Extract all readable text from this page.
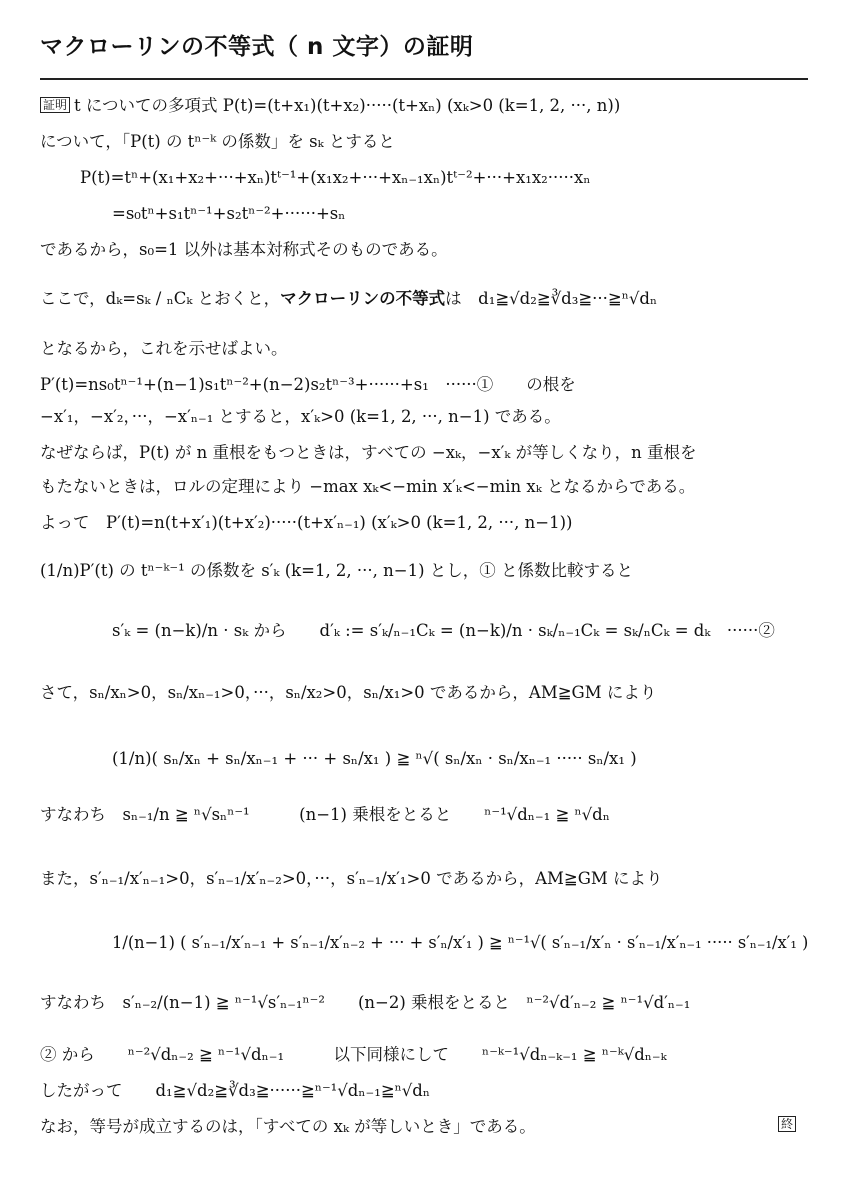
マクローリンの不等式（ n 文字）の証明
証明 t についての多項式 P(t)=(t+x₁)(t+x₂)·····(t+xₙ) (xₖ>0 (k=1, 2, ···, n))
について，「P(t) の tⁿ⁻ᵏ の係数」を sₖ とすると
P(t)=tⁿ+(x₁+x₂+···+xₙ)tᵗ⁻¹+(x₁x₂+···+xₙ₋₁xₙ)tᵗ⁻²+···+x₁x₂·····xₙ
=s₀tⁿ+s₁tⁿ⁻¹+s₂tⁿ⁻²+······+sₙ
であるから，s₀=1 以外は基本対称式そのものである。
ここで，dₖ=sₖ / ₙCₖ とおくと，マクローリンの不等式は　d₁≧√d₂≧∛d₃≧···≧ⁿ√dₙ
となるから，これを示せばよい。
P′(t)=ns₀tⁿ⁻¹+(n−1)s₁tⁿ⁻²+(n−2)s₂tⁿ⁻³+······+s₁　······①　　の根を
−x′₁，−x′₂，···，−x′ₙ₋₁ とすると，x′ₖ>0 (k=1, 2, ···, n−1) である。
なぜならば，P(t) が n 重根をもつときは，すべての −xₖ，−x′ₖ が等しくなり，n 重根を
もたないときは，ロルの定理により −max xₖ<−min x′ₖ<−min xₖ となるからである。
よって　P′(t)=n(t+x′₁)(t+x′₂)·····(t+x′ₙ₋₁) (x′ₖ>0 (k=1, 2, ···, n−1))
(1/n)P′(t) の tⁿ⁻ᵏ⁻¹ の係数を s′ₖ (k=1, 2, ···, n−1) とし，① と係数比較すると
s′ₖ = (n−k)/n · sₖ から　　d′ₖ := s′ₖ/ₙ₋₁Cₖ = (n−k)/n · sₖ/ₙ₋₁Cₖ = sₖ/ₙCₖ = dₖ　······②
さて，sₙ/xₙ>0，sₙ/xₙ₋₁>0，···，sₙ/x₂>0，sₙ/x₁>0 であるから，AM≧GM により
(1/n)( sₙ/xₙ + sₙ/xₙ₋₁ + ··· + sₙ/x₁ ) ≧ ⁿ√( sₙ/xₙ · sₙ/xₙ₋₁ ····· sₙ/x₁ )
すなわち　sₙ₋₁/n ≧ ⁿ√sₙⁿ⁻¹　　　(n−1) 乗根をとると　　ⁿ⁻¹√dₙ₋₁ ≧ ⁿ√dₙ
また，s′ₙ₋₁/x′ₙ₋₁>0，s′ₙ₋₁/x′ₙ₋₂>0，···，s′ₙ₋₁/x′₁>0 であるから，AM≧GM により
1/(n−1) ( s′ₙ₋₁/x′ₙ₋₁ + s′ₙ₋₁/x′ₙ₋₂ + ··· + s′ₙ/x′₁ ) ≧ ⁿ⁻¹√( s′ₙ₋₁/x′ₙ · s′ₙ₋₁/x′ₙ₋₁ ····· s′ₙ₋₁/x′₁ )
すなわち　s′ₙ₋₂/(n−1) ≧ ⁿ⁻¹√s′ₙ₋₁ⁿ⁻²　　(n−2) 乗根をとると　ⁿ⁻²√d′ₙ₋₂ ≧ ⁿ⁻¹√d′ₙ₋₁
② から　　ⁿ⁻²√dₙ₋₂ ≧ ⁿ⁻¹√dₙ₋₁　　　以下同様にして　　ⁿ⁻ᵏ⁻¹√dₙ₋ₖ₋₁ ≧ ⁿ⁻ᵏ√dₙ₋ₖ
したがって　　d₁≧√d₂≧∛d₃≧······≧ⁿ⁻¹√dₙ₋₁≧ⁿ√dₙ
なお，等号が成立するのは，「すべての xₖ が等しいとき」である。	終
